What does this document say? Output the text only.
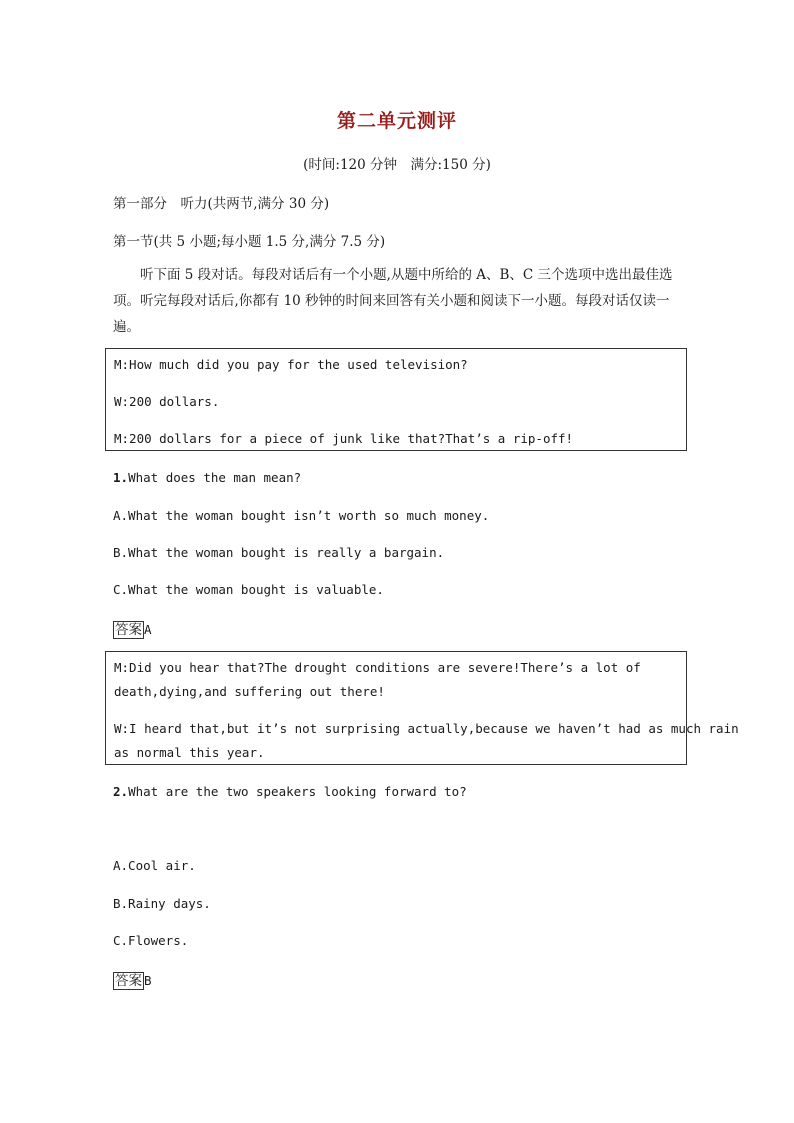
第二单元测评
(时间:120 分钟　满分:150 分)
第一部分　听力(共两节,满分 30 分)
第一节(共 5 小题;每小题 1.5 分,满分 7.5 分)
听下面 5 段对话。每段对话后有一个小题,从题中所给的 A、B、C 三个选项中选出最佳选项。听完每段对话后,你都有 10 秒钟的时间来回答有关小题和阅读下一小题。每段对话仅读一遍。
M:How much did you pay for the used television?
W:200 dollars.
M:200 dollars for a piece of junk like that?That’s a rip-off!
1.What does the man mean?
A.What the woman bought isn’t worth so much money.
B.What the woman bought is really a bargain.
C.What the woman bought is valuable.
答案 A
M:Did you hear that?The drought conditions are severe!There’s a lot of
death,dying,and suffering out there!
W:I heard that,but it’s not surprising actually,because we haven’t had as much rain
as normal this year.
2.What are the two speakers looking forward to?
A.Cool air.
B.Rainy days.
C.Flowers.
答案 B
